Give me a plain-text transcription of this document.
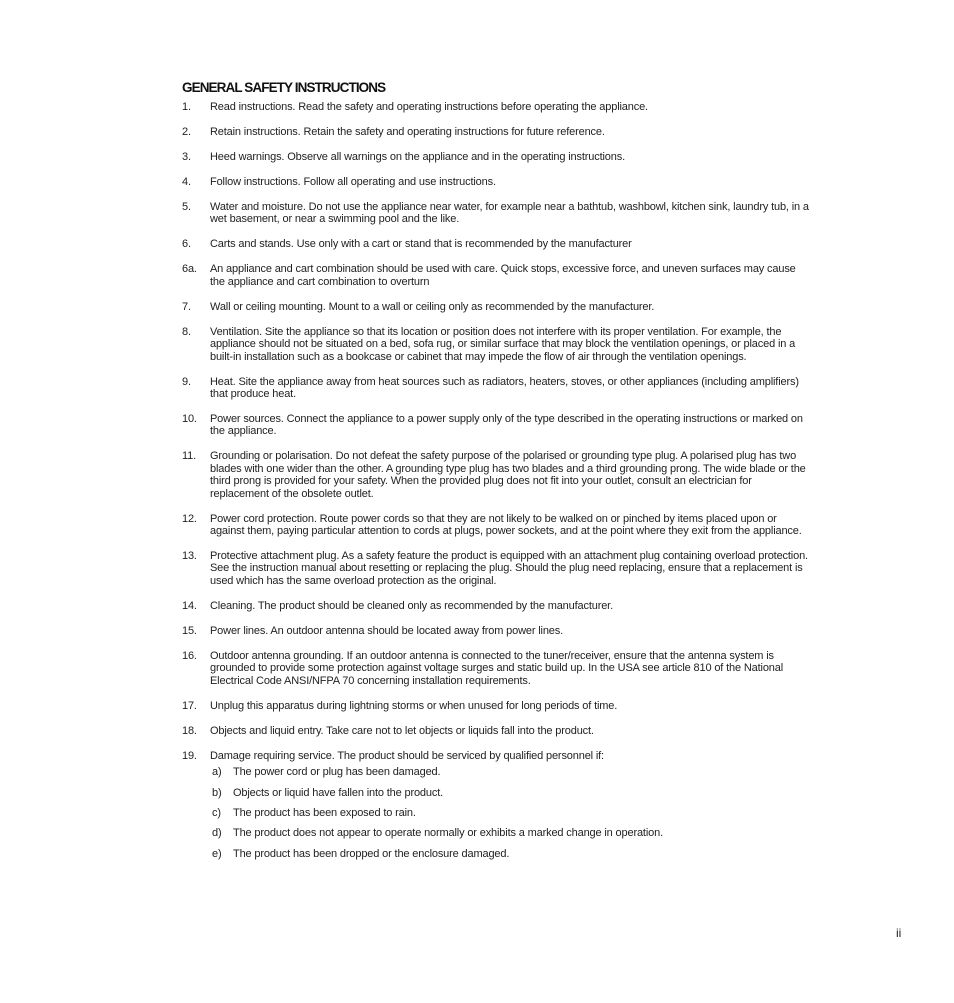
GENERAL SAFETY INSTRUCTIONS
1.	Read instructions. Read the safety and operating instructions before operating the appliance.
2.	Retain instructions. Retain the safety and operating instructions for future reference.
3.	Heed warnings. Observe all warnings on the appliance and in the operating instructions.
4.	Follow instructions. Follow all operating and use instructions.
5.	Water and moisture. Do not use the appliance near water, for example near a bathtub, washbowl, kitchen sink, laundry tub, in a wet basement, or near a swimming pool and the like.
6.	Carts and stands. Use only with a cart or stand that is recommended by the manufacturer
6a.	An appliance and cart combination should be used with care. Quick stops, excessive force, and uneven surfaces may cause the appliance and cart combination to overturn
7.	Wall or ceiling mounting. Mount to a wall or ceiling only as recommended by the manufacturer.
8.	Ventilation. Site the appliance so that its location or position does not interfere with its proper ventilation. For example, the appliance should not be situated on a bed, sofa rug, or similar surface that may block the ventilation openings, or placed in a built-in installation such as a bookcase or cabinet that may impede the flow of air through the ventilation openings.
9.	Heat. Site the appliance away from heat sources such as radiators, heaters, stoves, or other appliances (including amplifiers) that produce heat.
10.	Power sources. Connect the appliance to a power supply only of the type described in the operating instructions or marked on the appliance.
11.	Grounding or polarisation. Do not defeat the safety purpose of the polarised or grounding type plug. A polarised plug has two blades with one wider than the other. A grounding type plug has two blades and a third grounding prong. The wide blade or the third prong is provided for your safety. When the provided plug does not fit into your outlet, consult an electrician for replacement of the obsolete outlet.
12.	Power cord protection. Route power cords so that they are not likely to be walked on or pinched by items placed upon or against them, paying particular attention to cords at plugs, power sockets, and at the point where they exit from the appliance.
13.	Protective attachment plug. As a safety feature the product is equipped with an attachment plug containing overload protection. See the instruction manual about resetting or replacing the plug. Should the plug need replacing, ensure that a replacement is used which has the same overload protection as the original.
14.	Cleaning. The product should be cleaned only as recommended by the manufacturer.
15.	Power lines. An outdoor antenna should be located away from power lines.
16.	Outdoor antenna grounding. If an outdoor antenna is connected to the tuner/receiver, ensure that the antenna system is grounded to provide some protection against voltage surges and static build up. In the USA see article 810 of the National Electrical Code ANSI/NFPA 70 concerning installation requirements.
17.	Unplug this apparatus during lightning storms or when unused for long periods of time.
18.	Objects and liquid entry. Take care not to let objects or liquids fall into the product.
19.	Damage requiring service. The product should be serviced by qualified personnel if:
a)	The power cord or plug has been damaged.
b)	Objects or liquid have fallen into the product.
c)	The product has been exposed to rain.
d)	The product does not appear to operate normally or exhibits a marked change in operation.
e)	The product has been dropped or the enclosure damaged.
ii
